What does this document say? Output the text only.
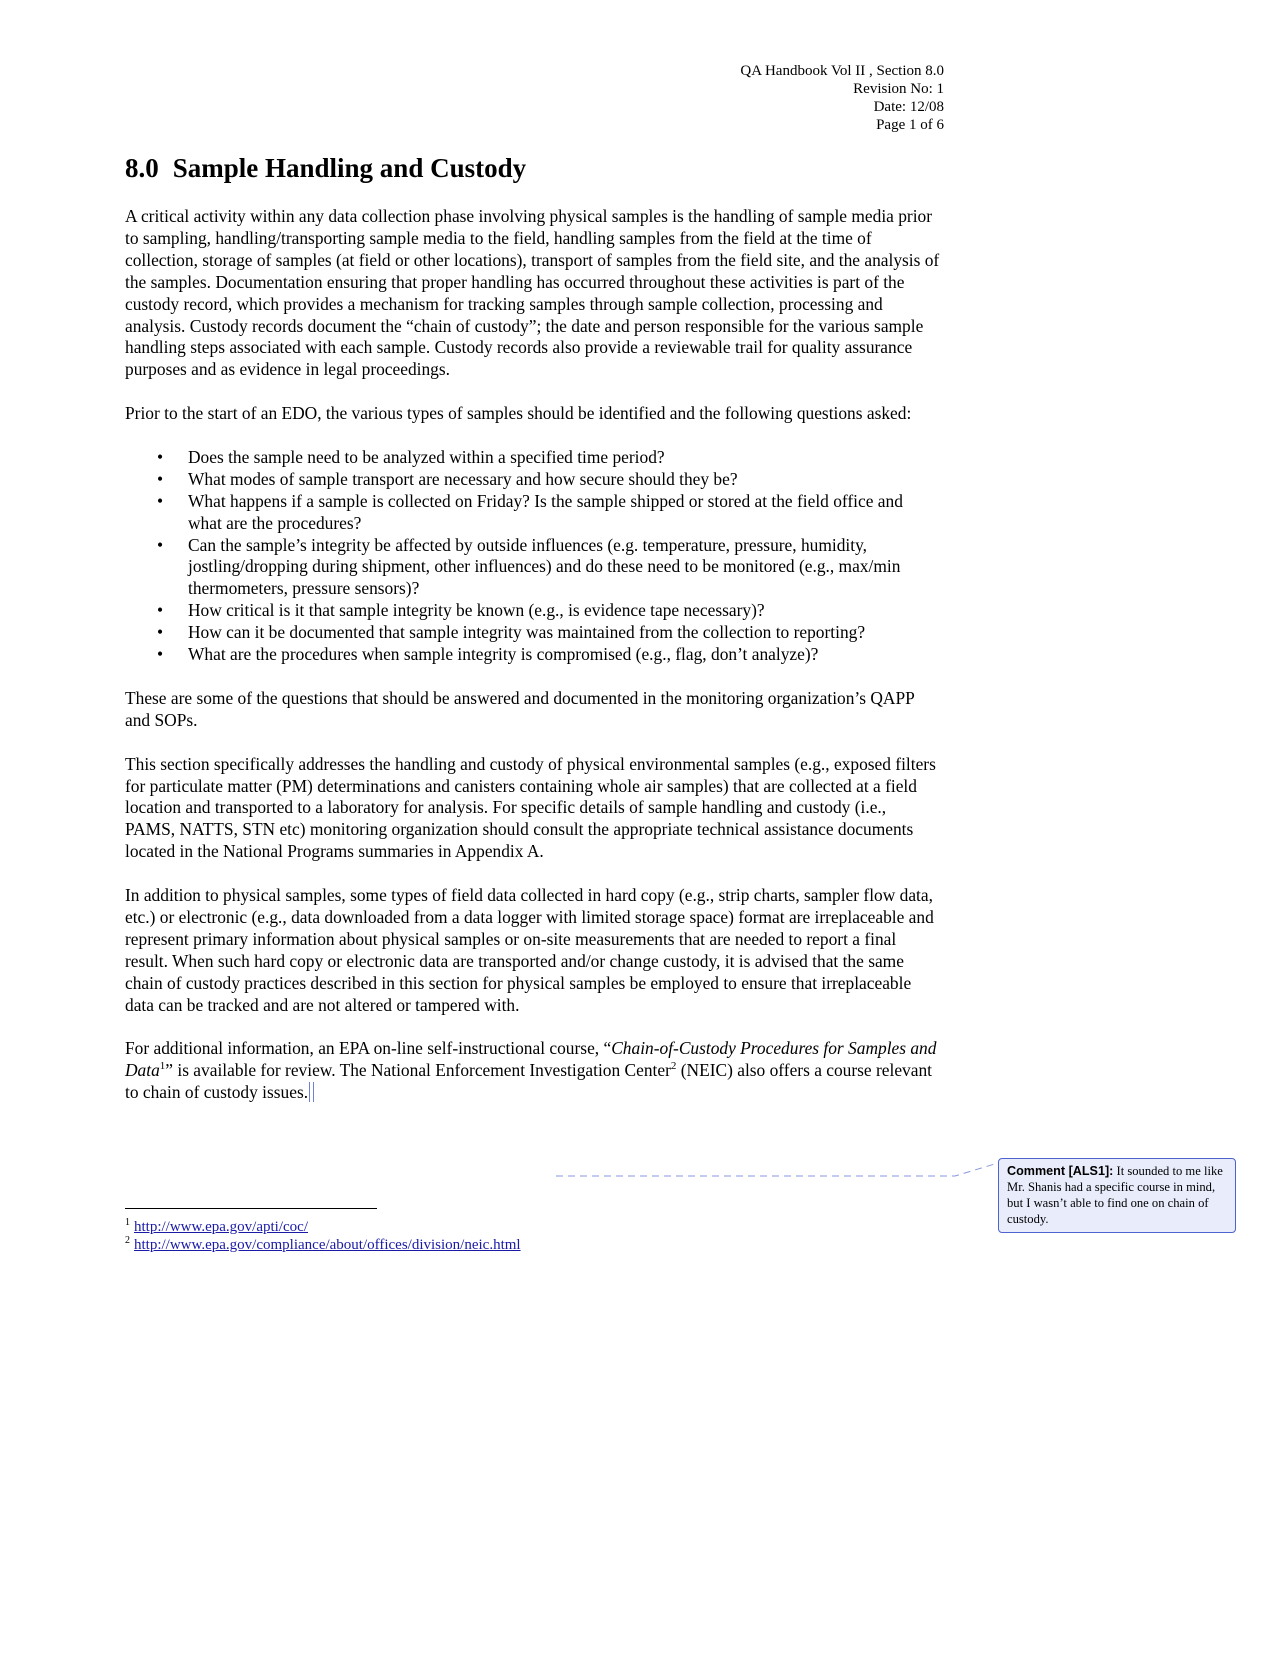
QA Handbook Vol II , Section 8.0
Revision No: 1
Date: 12/08
Page 1 of 6
8.0 Sample Handling and Custody

A critical activity within any data collection phase involving physical samples is the handling of sample media prior to sampling, handling/transporting sample media to the field, handling samples from the field at the time of collection, storage of samples (at field or other locations), transport of samples from the field site, and the analysis of the samples. Documentation ensuring that proper handling has occurred throughout these activities is part of the custody record, which provides a mechanism for tracking samples through sample collection, processing and analysis. Custody records document the “chain of custody”; the date and person responsible for the various sample handling steps associated with each sample. Custody records also provide a reviewable trail for quality assurance purposes and as evidence in legal proceedings.

Prior to the start of an EDO, the various types of samples should be identified and the following questions asked:

• Does the sample need to be analyzed within a specified time period?
• What modes of sample transport are necessary and how secure should they be?
• What happens if a sample is collected on Friday? Is the sample shipped or stored at the field office and what are the procedures?
• Can the sample’s integrity be affected by outside influences (e.g. temperature, pressure, humidity, jostling/dropping during shipment, other influences) and do these need to be monitored (e.g., max/min thermometers, pressure sensors)?
• How critical is it that sample integrity be known (e.g., is evidence tape necessary)?
• How can it be documented that sample integrity was maintained from the collection to reporting?
• What are the procedures when sample integrity is compromised (e.g., flag, don’t analyze)?

These are some of the questions that should be answered and documented in the monitoring organization’s QAPP and SOPs.

This section specifically addresses the handling and custody of physical environmental samples (e.g., exposed filters for particulate matter (PM) determinations and canisters containing whole air samples) that are collected at a field location and transported to a laboratory for analysis. For specific details of sample handling and custody (i.e., PAMS, NATTS, STN etc) monitoring organization should consult the appropriate technical assistance documents located in the National Programs summaries in Appendix A.

In addition to physical samples, some types of field data collected in hard copy (e.g., strip charts, sampler flow data, etc.) or electronic (e.g., data downloaded from a data logger with limited storage space) format are irreplaceable and represent primary information about physical samples or on-site measurements that are needed to report a final result. When such hard copy or electronic data are transported and/or change custody, it is advised that the same chain of custody practices described in this section for physical samples be employed to ensure that irreplaceable data can be tracked and are not altered or tampered with.

For additional information, an EPA on-line self-instructional course, “Chain-of-Custody Procedures for Samples and Data$^1$” is available for review. The National Enforcement Investigation Center$^2$ (NEIC) also offers a course relevant to chain of custody issues.

$^1$ http://www.epa.gov/apti/coc/
$^2$ http://www.epa.gov/compliance/about/offices/division/neic.html
Comment [ALS1]: It sounded to me like Mr. Shanis had a specific course in mind, but I wasn’t able to find one on chain of custody.
